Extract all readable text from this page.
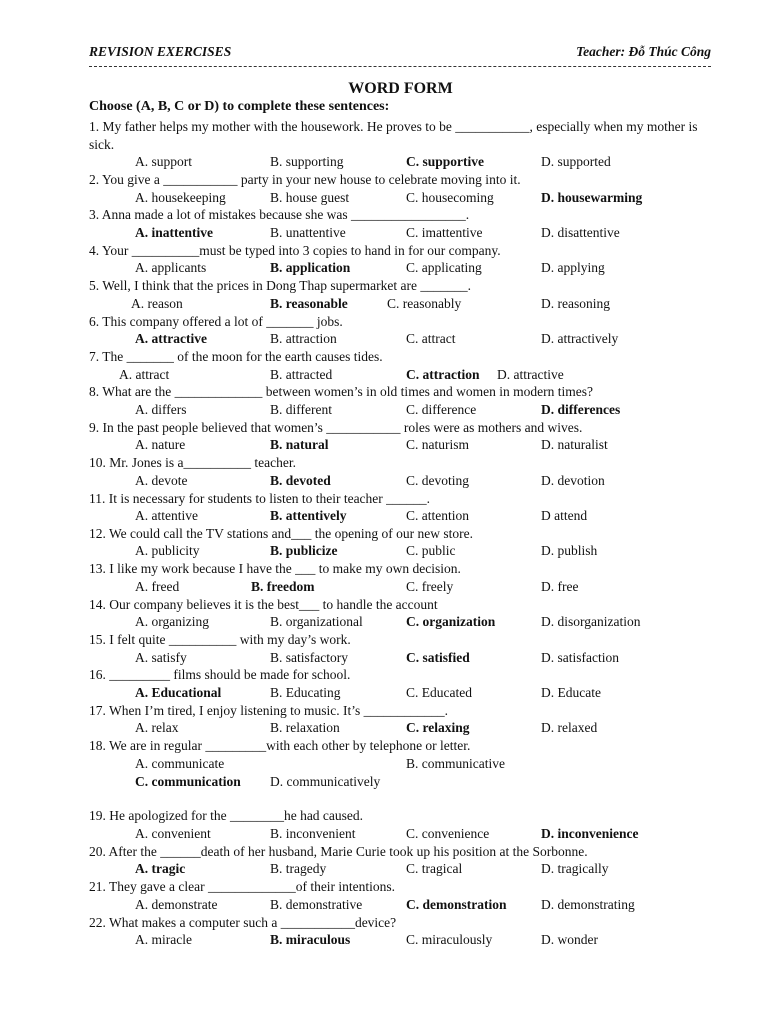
REVISION EXERCISES	Teacher: Đỗ Thúc Công
WORD FORM
Choose (A, B, C or D) to complete these sentences:
1. My father helps my mother with the housework. He proves to be ___________, especially when my mother is sick.
A. support	B. supporting	C. supportive	D. supported
2. You give a ___________ party in your new house to celebrate moving into it.
A. housekeeping	B. house guest	C. housecoming	D. housewarming
3. Anna made a lot of mistakes because she was _________________.
A. inattentive	B. unattentive	C. imattentive	D. disattentive
4. Your __________must be typed into 3 copies to hand in for our company.
A. applicants	B. application	C. applicating	D. applying
5. Well, I think that the prices in Dong Thap supermarket are _______.
A. reason	B. reasonable	C. reasonably	D. reasoning
6. This company offered a lot of _______ jobs.
A. attractive	B. attraction	C. attract	D. attractively
7. The _______ of the moon for the earth causes tides.
A. attract	B. attracted	C. attraction D. attractive
8. What are the _____________ between women’s in old times and women in modern times?
A. differs	B. different	C. difference	D. differences
9. In the past people believed that women’s ___________ roles were as mothers and wives.
A. nature	B. natural	C. naturism	D. naturalist
10. Mr. Jones is a__________ teacher.
A. devote	B. devoted	C. devoting	D. devotion
11. It is necessary for students to listen to their teacher ______.
A. attentive	B. attentively	C. attention	D attend
12. We could call the TV stations and___ the opening of our new store.
A. publicity	B. publicize	C. public	D. publish
13. I like my work because I have the ___ to make my own decision.
A. freed	B. freedom	C. freely	D. free
14. Our company believes it is the best___ to handle the account
A. organizing	B. organizational	C. organization	D. disorganization
15. I felt quite __________ with my day’s work.
A. satisfy	B. satisfactory	C. satisfied	D. satisfaction
16. _________ films should be made for school.
A. Educational	B. Educating	C. Educated	D. Educate
17. When I’m tired, I enjoy listening to music. It’s ____________.
A. relax	B. relaxation	C. relaxing	D. relaxed
18. We are in regular _________with each other by telephone or letter.
A. communicate	B. communicative
C. communication D. communicatively
19. He apologized for the ________he had caused.
A. convenient	B. inconvenient	C. convenience	D. inconvenience
20. After the ______death of her husband, Marie Curie took up his position at the Sorbonne.
A. tragic	B. tragedy	C. tragical	D. tragically
21. They gave a clear _____________of their intentions.
A. demonstrate	B. demonstrative	C. demonstration	D. demonstrating
22. What makes a computer such a ___________device?
A. miracle	B. miraculous	C. miraculously	D. wonder
